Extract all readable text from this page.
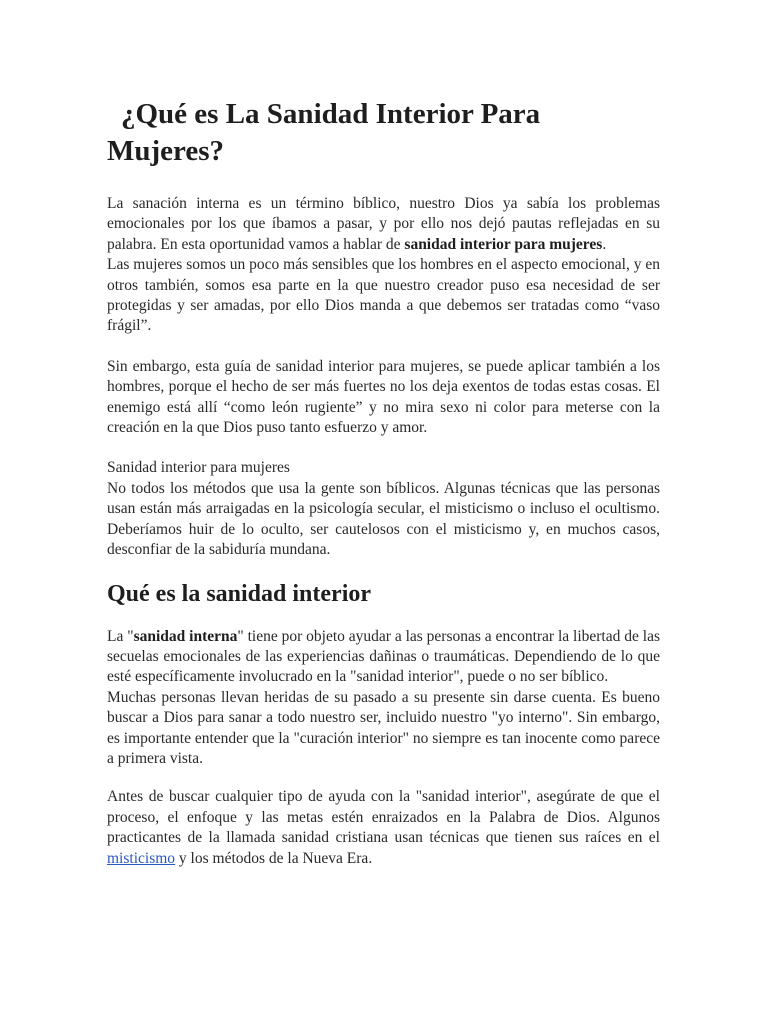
¿Qué es La Sanidad Interior Para
Mujeres?

La sanación interna es un término bíblico, nuestro Dios ya sabía los problemas emocionales por los que íbamos a pasar, y por ello nos dejó pautas reflejadas en su palabra. En esta oportunidad vamos a hablar de sanidad interior para mujeres.

Las mujeres somos un poco más sensibles que los hombres en el aspecto emocional, y en otros también, somos esa parte en la que nuestro creador puso esa necesidad de ser protegidas y ser amadas, por ello Dios manda a que debemos ser tratadas como “vaso frágil”.

Sin embargo, esta guía de sanidad interior para mujeres, se puede aplicar también a los hombres, porque el hecho de ser más fuertes no los deja exentos de todas estas cosas. El enemigo está allí “como león rugiente” y no mira sexo ni color para meterse con la creación en la que Dios puso tanto esfuerzo y amor.

Sanidad interior para mujeres

No todos los métodos que usa la gente son bíblicos. Algunas técnicas que las personas usan están más arraigadas en la psicología secular, el misticismo o incluso el ocultismo. Deberíamos huir de lo oculto, ser cautelosos con el misticismo y, en muchos casos, desconfiar de la sabiduría mundana.

Qué es la sanidad interior

La "sanidad interna" tiene por objeto ayudar a las personas a encontrar la libertad de las secuelas emocionales de las experiencias dañinas o traumáticas. Dependiendo de lo que esté específicamente involucrado en la "sanidad interior", puede o no ser bíblico.

Muchas personas llevan heridas de su pasado a su presente sin darse cuenta. Es bueno buscar a Dios para sanar a todo nuestro ser, incluido nuestro "yo interno". Sin embargo, es importante entender que la "curación interior" no siempre es tan inocente como parece a primera vista.

Antes de buscar cualquier tipo de ayuda con la "sanidad interior", asegúrate de que el proceso, el enfoque y las metas estén enraizados en la Palabra de Dios. Algunos practicantes de la llamada sanidad cristiana usan técnicas que tienen sus raíces en el misticismo y los métodos de la Nueva Era.
